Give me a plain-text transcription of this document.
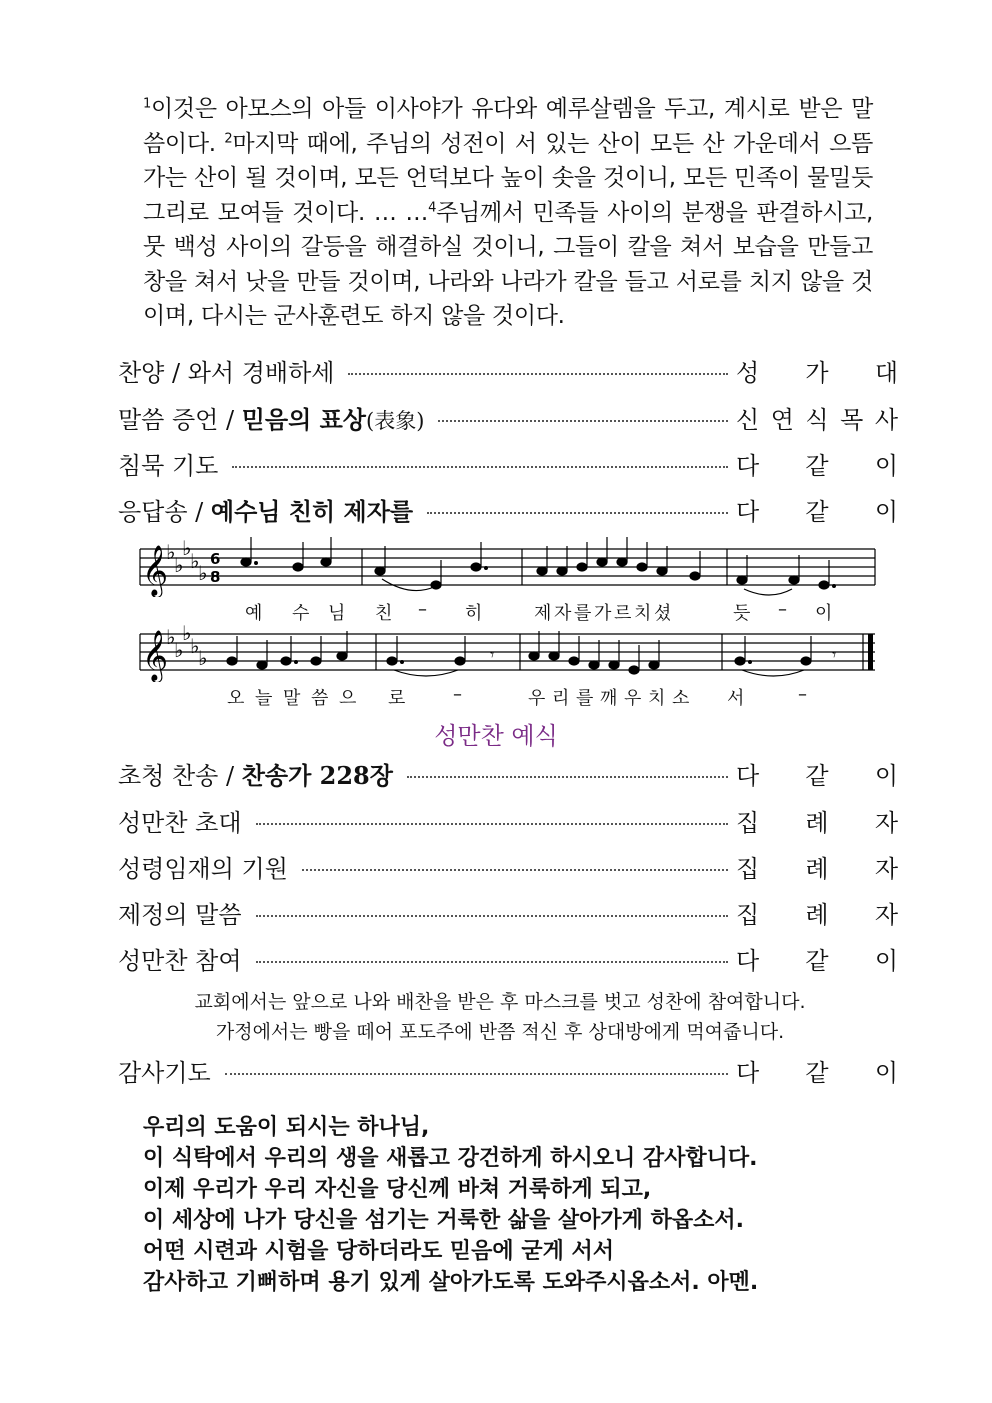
$^1$이것은 아모스의 아들 이사야가 유다와 예루살렘을 두고, 계시로 받은 말씀이다. $^2$마지막 때에, 주님의 성전이 서 있는 산이 모든 산 가운데서 으뜸가는 산이 될 것이며, 모든 언덕보다 높이 솟을 것이니, 모든 민족이 물밀듯 그리로 모여들 것이다. … …$^4$주님께서 민족들 사이의 분쟁을 판결하시고, 뭇 백성 사이의 갈등을 해결하실 것이니, 그들이 칼을 쳐서 보습을 만들고 창을 쳐서 낫을 만들 것이며, 나라와 나라가 칼을 들고 서로를 치지 않을 것이며, 다시는 군사훈련도 하지 않을 것이다.
찬양 / 와서 경배하세	성 가 대
말씀 증언 / 믿음의 표상(表象)	신 연 식 목 사
침묵 기도	다 같 이
응답송 / 예수님 친히 제자를	다 같 이
𝄞
♭
♭
♭
♭
♭
6
8
예 수 님 친 – 히	제 자 를 가 르 치 셨	듯 – 이
𝄞
♭
♭
♭
♭
♭	𝄾	𝄾
오 늘 말 씀 으 로	–	우 리 를 깨 우 치 소 서	–
성만찬 예식
초청 찬송 / 찬송가 228장	다 같 이
성만찬 초대	집 례 자
성령임재의 기원	집 례 자
제정의 말씀	집 례 자
성만찬 참여	다 같 이
교회에서는 앞으로 나와 배찬을 받은 후 마스크를 벗고 성찬에 참여합니다.
가정에서는 빵을 떼어 포도주에 반쯤 적신 후 상대방에게 먹여줍니다.
감사기도	다 같 이
우리의 도움이 되시는 하나님,
이 식탁에서 우리의 생을 새롭고 강건하게 하시오니 감사합니다.
이제 우리가 우리 자신을 당신께 바쳐 거룩하게 되고,
이 세상에 나가 당신을 섬기는 거룩한 삶을 살아가게 하옵소서.
어떤 시련과 시험을 당하더라도 믿음에 굳게 서서
감사하고 기뻐하며 용기 있게 살아가도록 도와주시옵소서. 아멘.
